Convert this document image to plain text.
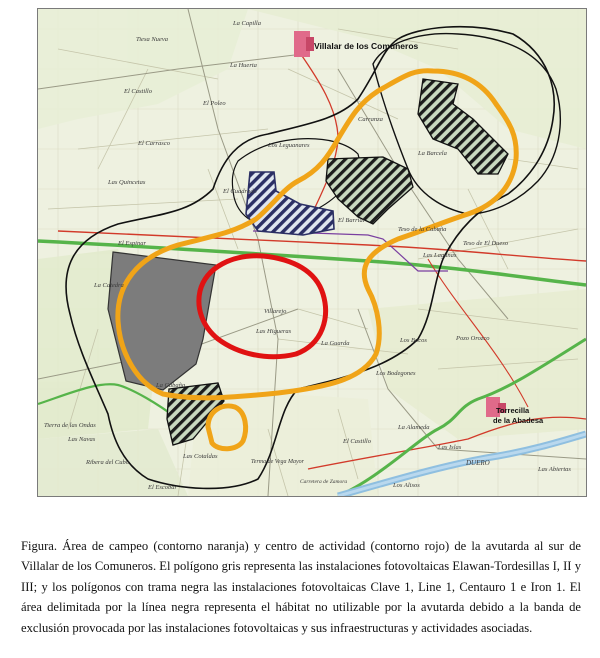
Villalar de los Comuneros
Torrecilla
de la Abadesa
Tiesa Nueva
La Capilla
La Huerta
El Castillo
El Poleo
El Carrasco
Carranza
Las Quincetas
Los Leguanares
La Barcela
El Cuadrado
El Barrial
Teso de la Cabaña
Teso de El Dueso
El Espinar
La Catedra
Las Lagunas
Villarejo
Las Higueras
La Guarda	Los Bocos	Pozo Orozco
Los Bodegones
La Cabaña
Tierra de las Ondas
Las Navas
Las Cotaldas
El Castillo
Terma de Vega Mayor
Ribera del Cubo
El Escobar
La Alameda
Las Islas
Las Abiertas
DUERO
Carretera de Zamora	Los Alisos

Figura. Área de campeo (contorno naranja) y centro de actividad (contorno rojo) de la avutarda al sur de Villalar de los Comuneros. El polígono gris representa las instalaciones fotovoltaicas Elawan-Tordesillas I, II y III; y los polígonos con trama negra las instalaciones fotovoltaicas Clave 1, Line 1, Centauro 1 e Iron 1. El área delimitada por la línea negra representa el hábitat no utilizable por la avutarda debido a la banda de exclusión provocada por las instalaciones fotovoltaicas y sus infraestructuras y actividades asociadas.
